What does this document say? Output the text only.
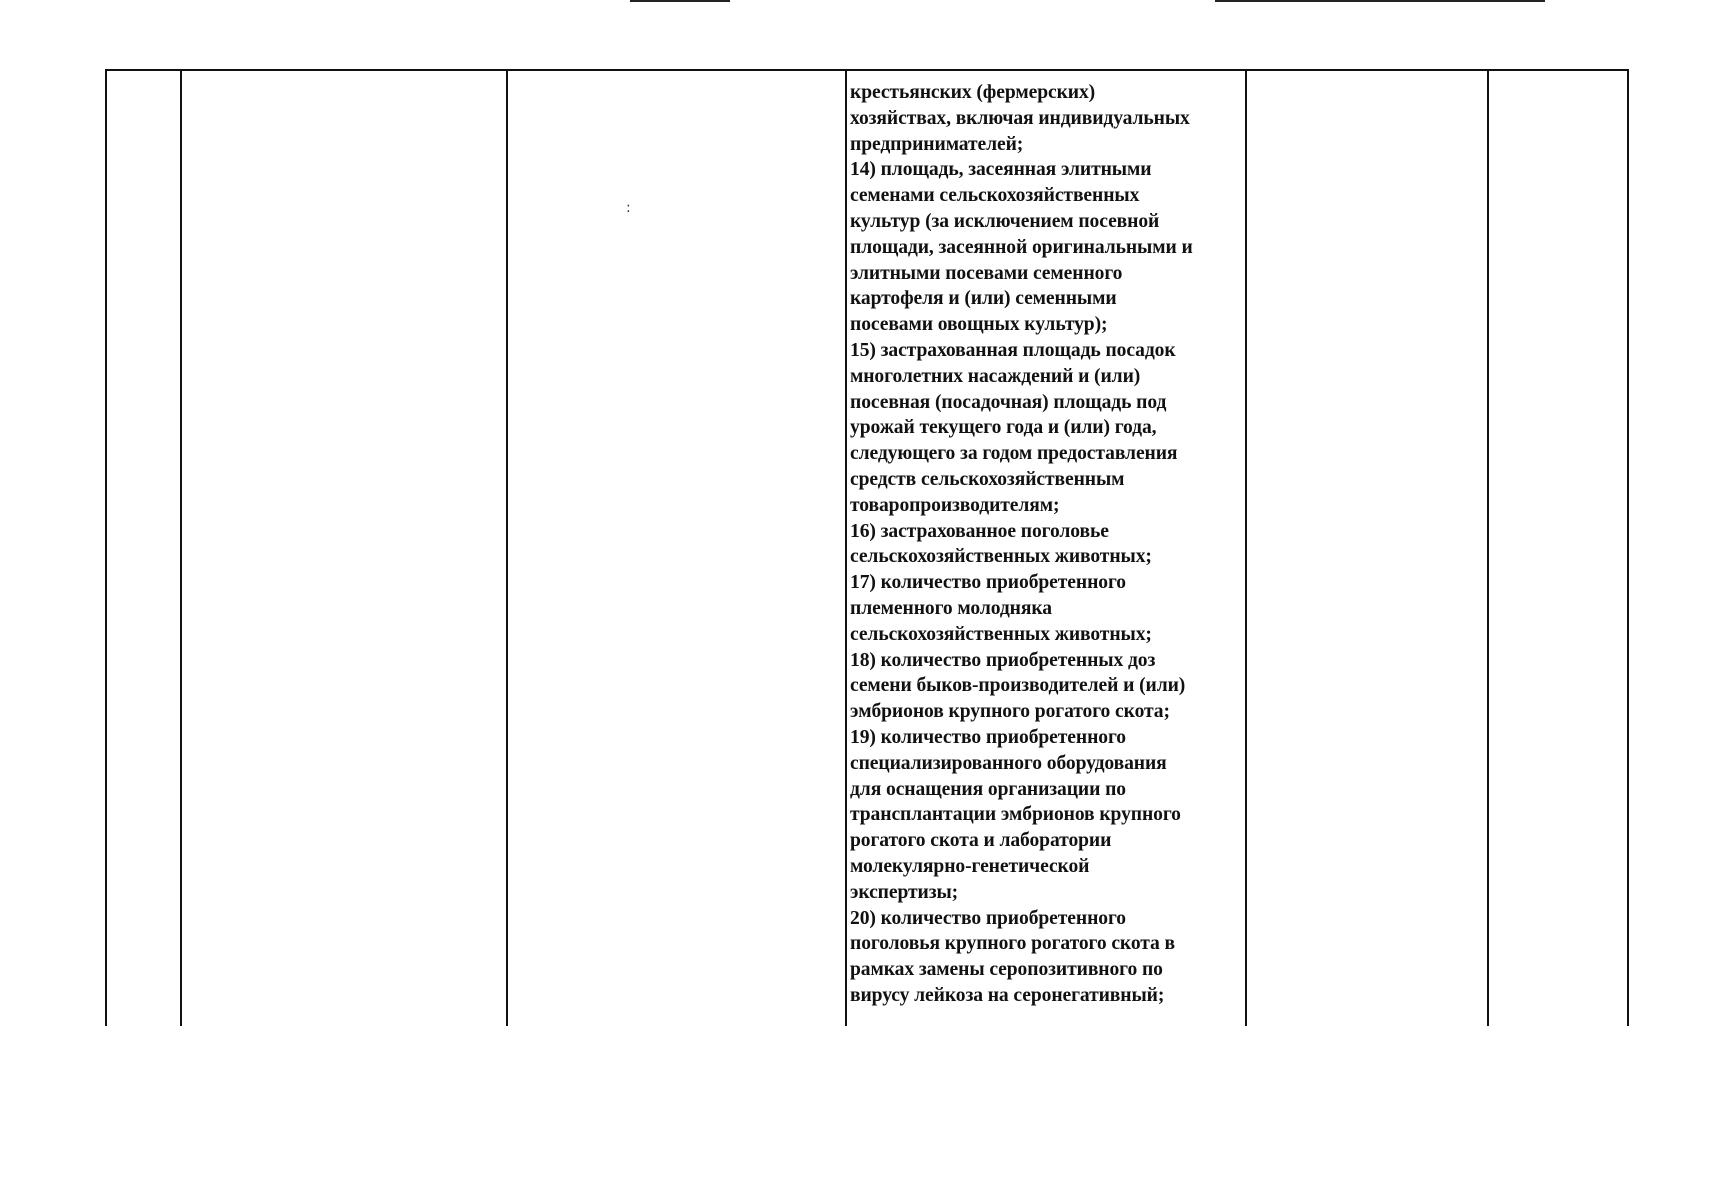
:
крестьянских (фермерских)
хозяйствах, включая индивидуальных
предпринимателей;
14) площадь, засеянная элитными
семенами сельскохозяйственных
культур (за исключением посевной
площади, засеянной оригинальными и
элитными посевами семенного
картофеля и (или) семенными
посевами овощных культур);
15) застрахованная площадь посадок
многолетних насаждений и (или)
посевная (посадочная) площадь под
урожай текущего года и (или) года,
следующего за годом предоставления
средств сельскохозяйственным
товаропроизводителям;
16) застрахованное поголовье
сельскохозяйственных животных;
17) количество приобретенного
племенного молодняка
сельскохозяйственных животных;
18) количество приобретенных доз
семени быков-производителей и (или)
эмбрионов крупного рогатого скота;
19) количество приобретенного
специализированного оборудования
для оснащения организации по
трансплантации эмбрионов крупного
рогатого скота и лаборатории
молекулярно-генетической
экспертизы;
20) количество приобретенного
поголовья крупного рогатого скота в
рамках замены серопозитивного по
вирусу лейкоза на серонегативный;
